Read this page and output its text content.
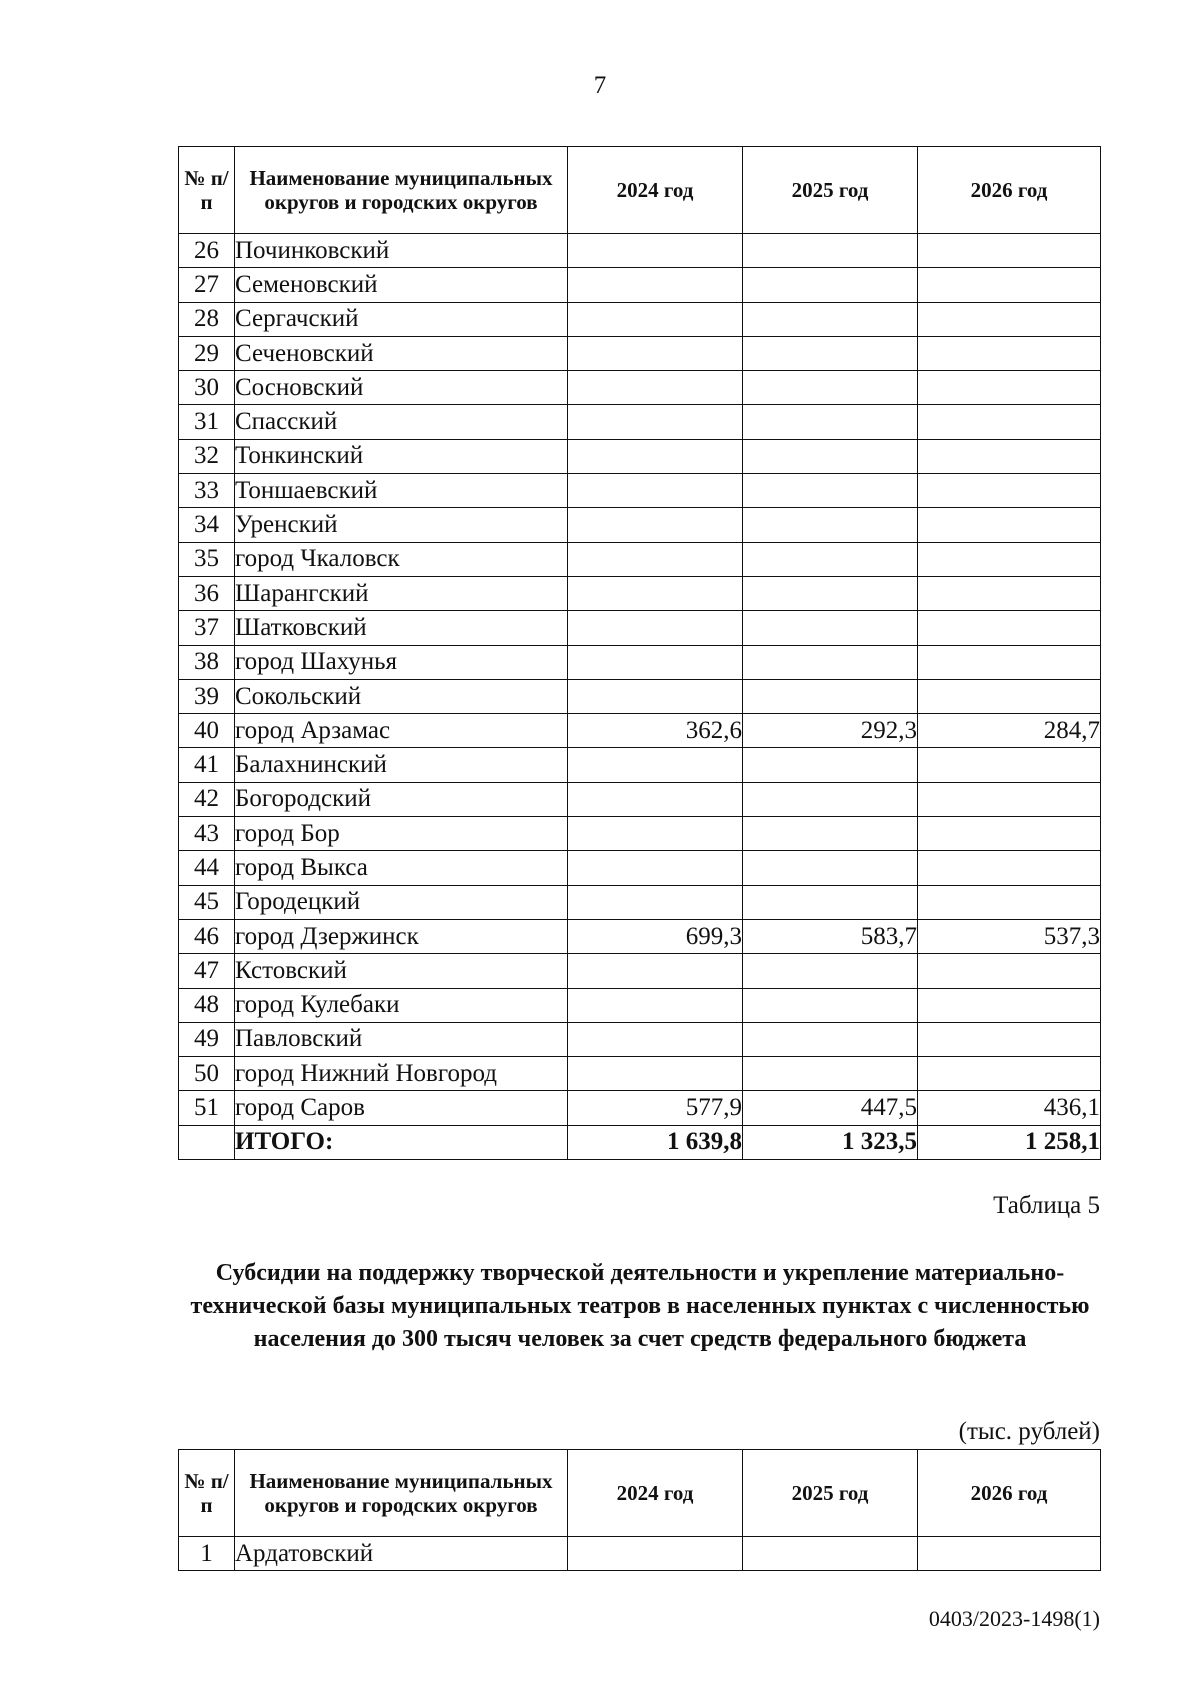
7
№ п/п	Наименование муниципальных округов и городских округов	2024 год	2025 год	2026 год
26	Починковский			
27	Семеновский			
28	Сергачский			
29	Сеченовский			
30	Сосновский			
31	Спасский			
32	Тонкинский			
33	Тоншаевский			
34	Уренский			
35	город Чкаловск			
36	Шарангский			
37	Шатковский			
38	город Шахунья			
39	Сокольский			
40	город Арзамас	362,6	292,3	284,7
41	Балахнинский			
42	Богородский			
43	город Бор			
44	город Выкса			
45	Городецкий			
46	город Дзержинск	699,3	583,7	537,3
47	Кстовский			
48	город Кулебаки			
49	Павловский			
50	город Нижний Новгород			
51	город Саров	577,9	447,5	436,1
	ИТОГО:	1 639,8	1 323,5	1 258,1
Таблица 5
Субсидии на поддержку творческой деятельности и укрепление материально-технической базы муниципальных театров в населенных пунктах с численностью населения до 300 тысяч человек за счет средств федерального бюджета
(тыс. рублей)
№ п/п	Наименование муниципальных округов и городских округов	2024 год	2025 год	2026 год
1	Ардатовский			
0403/2023-1498(1)
